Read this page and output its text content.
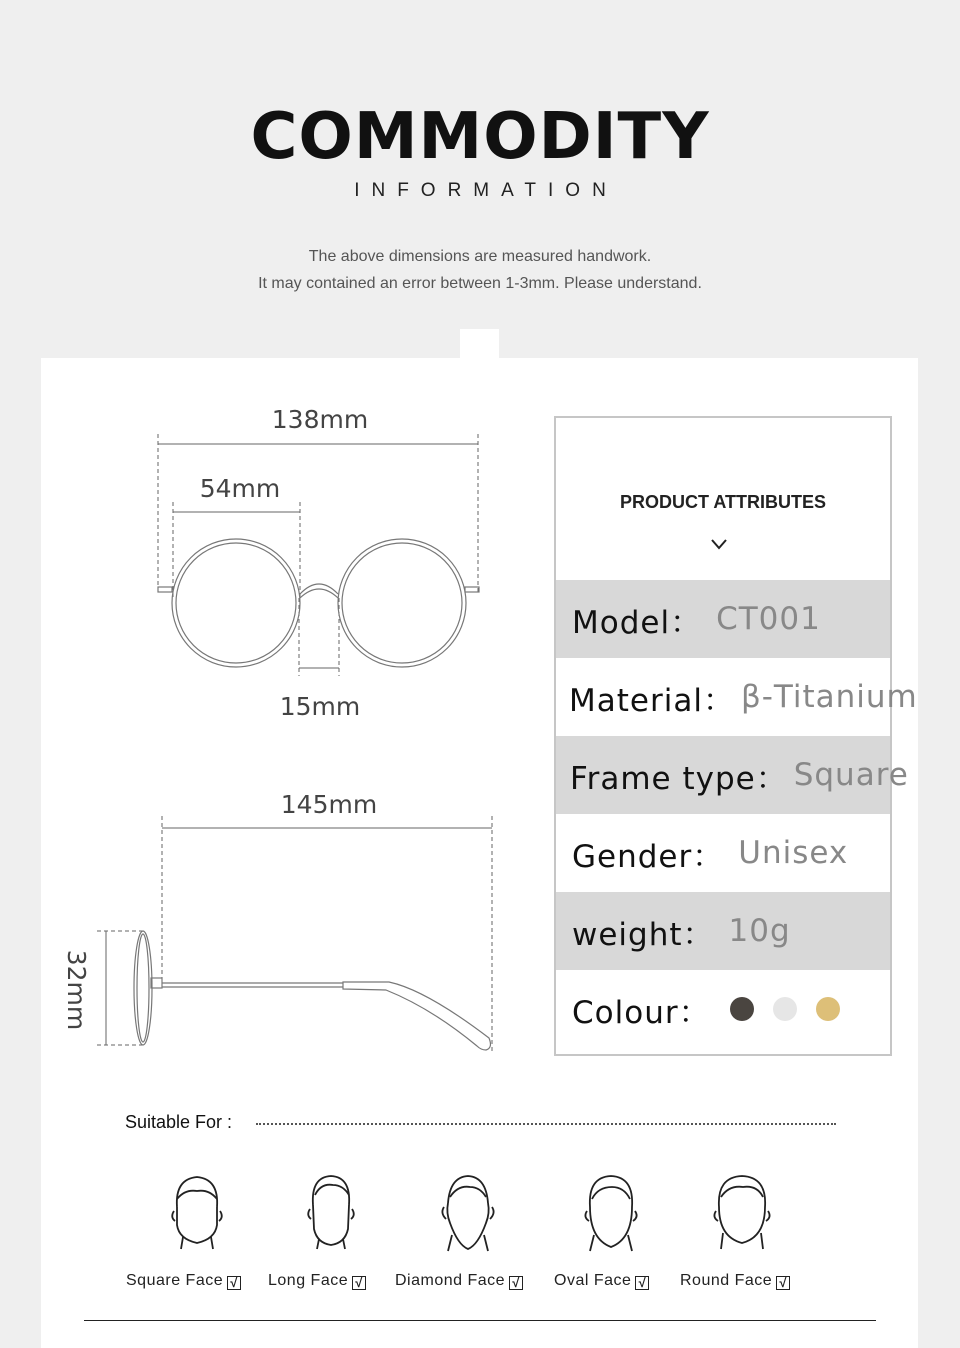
COMMODITY
INFORMATION
The above dimensions are measured handwork.
It may contained an error between 1-3mm. Please understand.
138mm
54mm
15mm
145mm
32mm
PRODUCT ATTRIBUTES
Model： CT001
Material： β-Titanium
Frame type： Square
Gender： Unisex
weight： 10g
Colour：
Suitable For :
Square Face √ Long Face √ Diamond Face √ Oval Face √ Round Face √
